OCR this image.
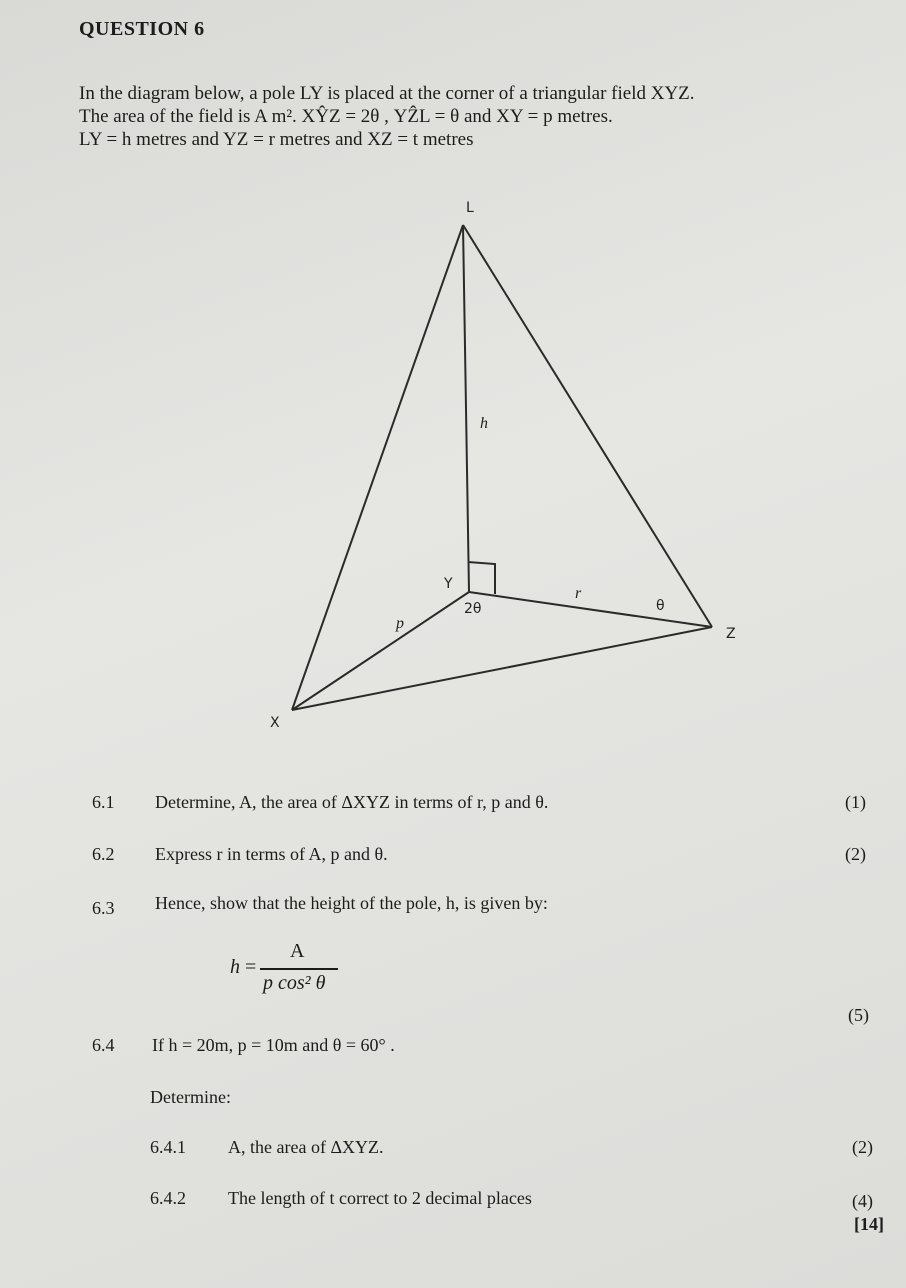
QUESTION 6

In the diagram below, a pole LY is placed at the corner of a triangular field XYZ.

The area of the field is A m². XŶZ = 2θ , YẐL = θ and XY = p metres.

LY = h metres and YZ = r metres and XZ = t metres

L
Y
Z
X
h
r
p
2θ	θ
6.1 Determine, A, the area of ΔXYZ in terms of r, p and θ.	(1)
6.2 Express r in terms of A, p and θ.	(2)
6.3 Hence, show that the height of the pole, h, is given by:
h =
A
p cos² θ
(5)
6.4 If h = 20m, p = 10m and θ = 60° .
Determine:
6.4.1 A, the area of ΔXYZ.	(2)
6.4.2 The length of t correct to 2 decimal places	(4)
[14]
